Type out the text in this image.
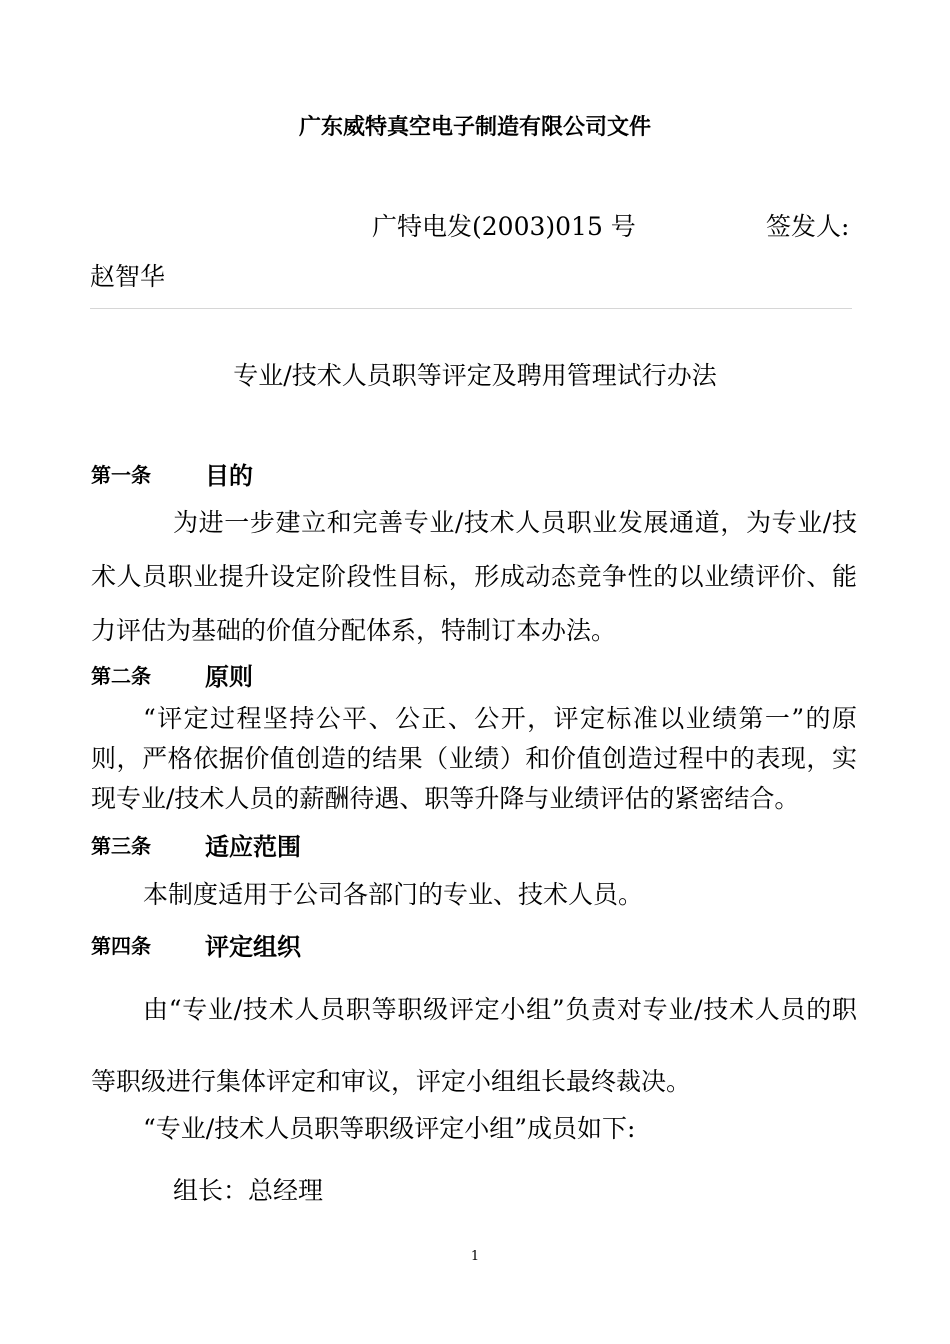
广东威特真空电子制造有限公司文件
广特电发(2003)015 号	签发人:
赵智华
专业/技术人员职等评定及聘用管理试行办法
第一条 目的

为进一步建立和完善专业/技术人员职业发展通道，为专业/技术人员职业提升设定阶段性目标，形成动态竞争性的以业绩评价、能力评估为基础的价值分配体系，特制订本办法。

第二条 原则

“评定过程坚持公平、公正、公开，评定标准以业绩第一”的原则，严格依据价值创造的结果（业绩）和价值创造过程中的表现，实现专业/技术人员的薪酬待遇、职等升降与业绩评估的紧密结合。

第三条 适应范围
本制度适用于公司各部门的专业、技术人员。
第四条 评定组织

由“专业/技术人员职等职级评定小组”负责对专业/技术人员的职等职级进行集体评定和审议，评定小组组长最终裁决。

“专业/技术人员职等职级评定小组”成员如下:
组长：总经理
1
